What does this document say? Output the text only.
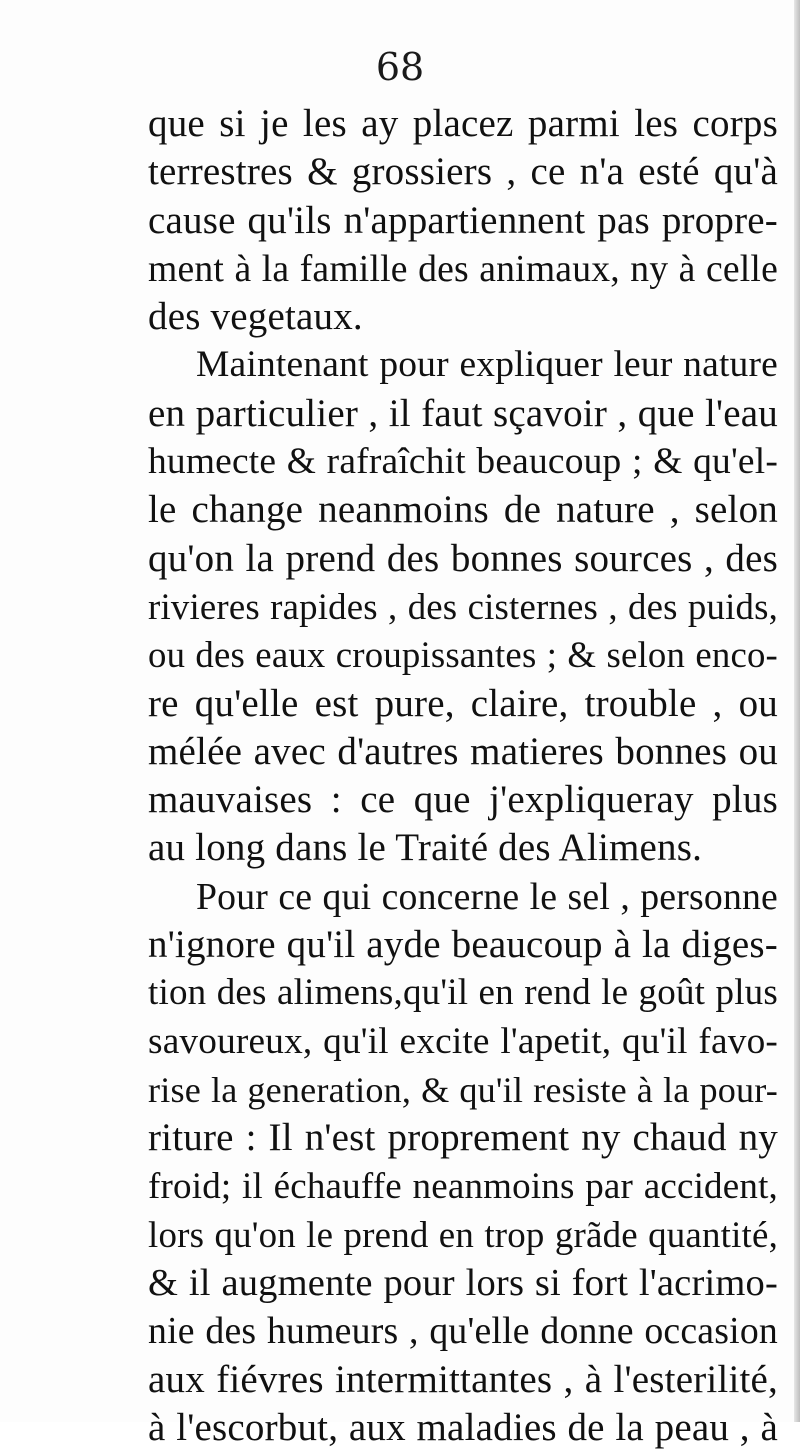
68
que si je les ay placez parmi les corps
terrestres & grossiers , ce n'a esté qu'à
cause qu'ils n'appartiennent pas propre-
ment à la famille des animaux, ny à celle
des vegetaux.
Maintenant pour expliquer leur nature
en particulier , il faut sçavoir , que l'eau
humecte & rafraîchit beaucoup ; & qu'el-
le change neanmoins de nature , selon
qu'on la prend des bonnes sources , des
rivieres rapides , des cisternes , des puids,
ou des eaux croupissantes ; & selon enco-
re qu'elle est pure, claire, trouble , ou
mélée avec d'autres matieres bonnes ou
mauvaises : ce que j'expliqueray plus
au long dans le Traité des Alimens.
Pour ce qui concerne le sel , personne
n'ignore qu'il ayde beaucoup à la diges-
tion des alimens,qu'il en rend le goût plus
savoureux, qu'il excite l'apetit, qu'il favo-
rise la generation, & qu'il resiste à la pour-
riture : Il n'est proprement ny chaud ny
froid; il échauffe neanmoins par accident,
lors qu'on le prend en trop grãde quantité,
& il augmente pour lors si fort l'acrimo-
nie des humeurs , qu'elle donne occasion
aux fiévres intermittantes , à l'esterilité,
à l'escorbut, aux maladies de la peau , à
